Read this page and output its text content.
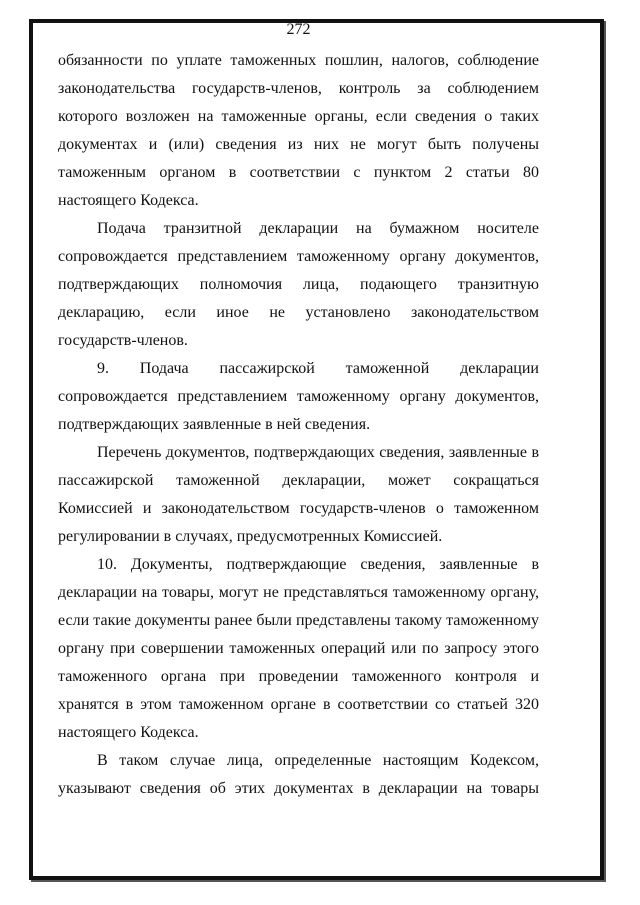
272

обязанности по уплате таможенных пошлин, налогов, соблюдение законодательства государств-членов, контроль за соблюдением которого возложен на таможенные органы, если сведения о таких документах и (или) сведения из них не могут быть получены таможенным органом в соответствии с пунктом 2 статьи 80 настоящего Кодекса.

Подача транзитной декларации на бумажном носителе сопровождается представлением таможенному органу документов, подтверждающих полномочия лица, подающего транзитную декларацию, если иное не установлено законодательством государств-членов.

9. Подача пассажирской таможенной декларации сопровождается представлением таможенному органу документов, подтверждающих заявленные в ней сведения.

Перечень документов, подтверждающих сведения, заявленные в пассажирской таможенной декларации, может сокращаться Комиссией и законодательством государств-членов о таможенном регулировании в случаях, предусмотренных Комиссией.

10. Документы, подтверждающие сведения, заявленные в декларации на товары, могут не представляться таможенному органу, если такие документы ранее были представлены такому таможенному органу при совершении таможенных операций или по запросу этого таможенного органа при проведении таможенного контроля и хранятся в этом таможенном органе в соответствии со статьей 320 настоящего Кодекса.

В таком случае лица, определенные настоящим Кодексом, указывают сведения об этих документах в декларации на товары
